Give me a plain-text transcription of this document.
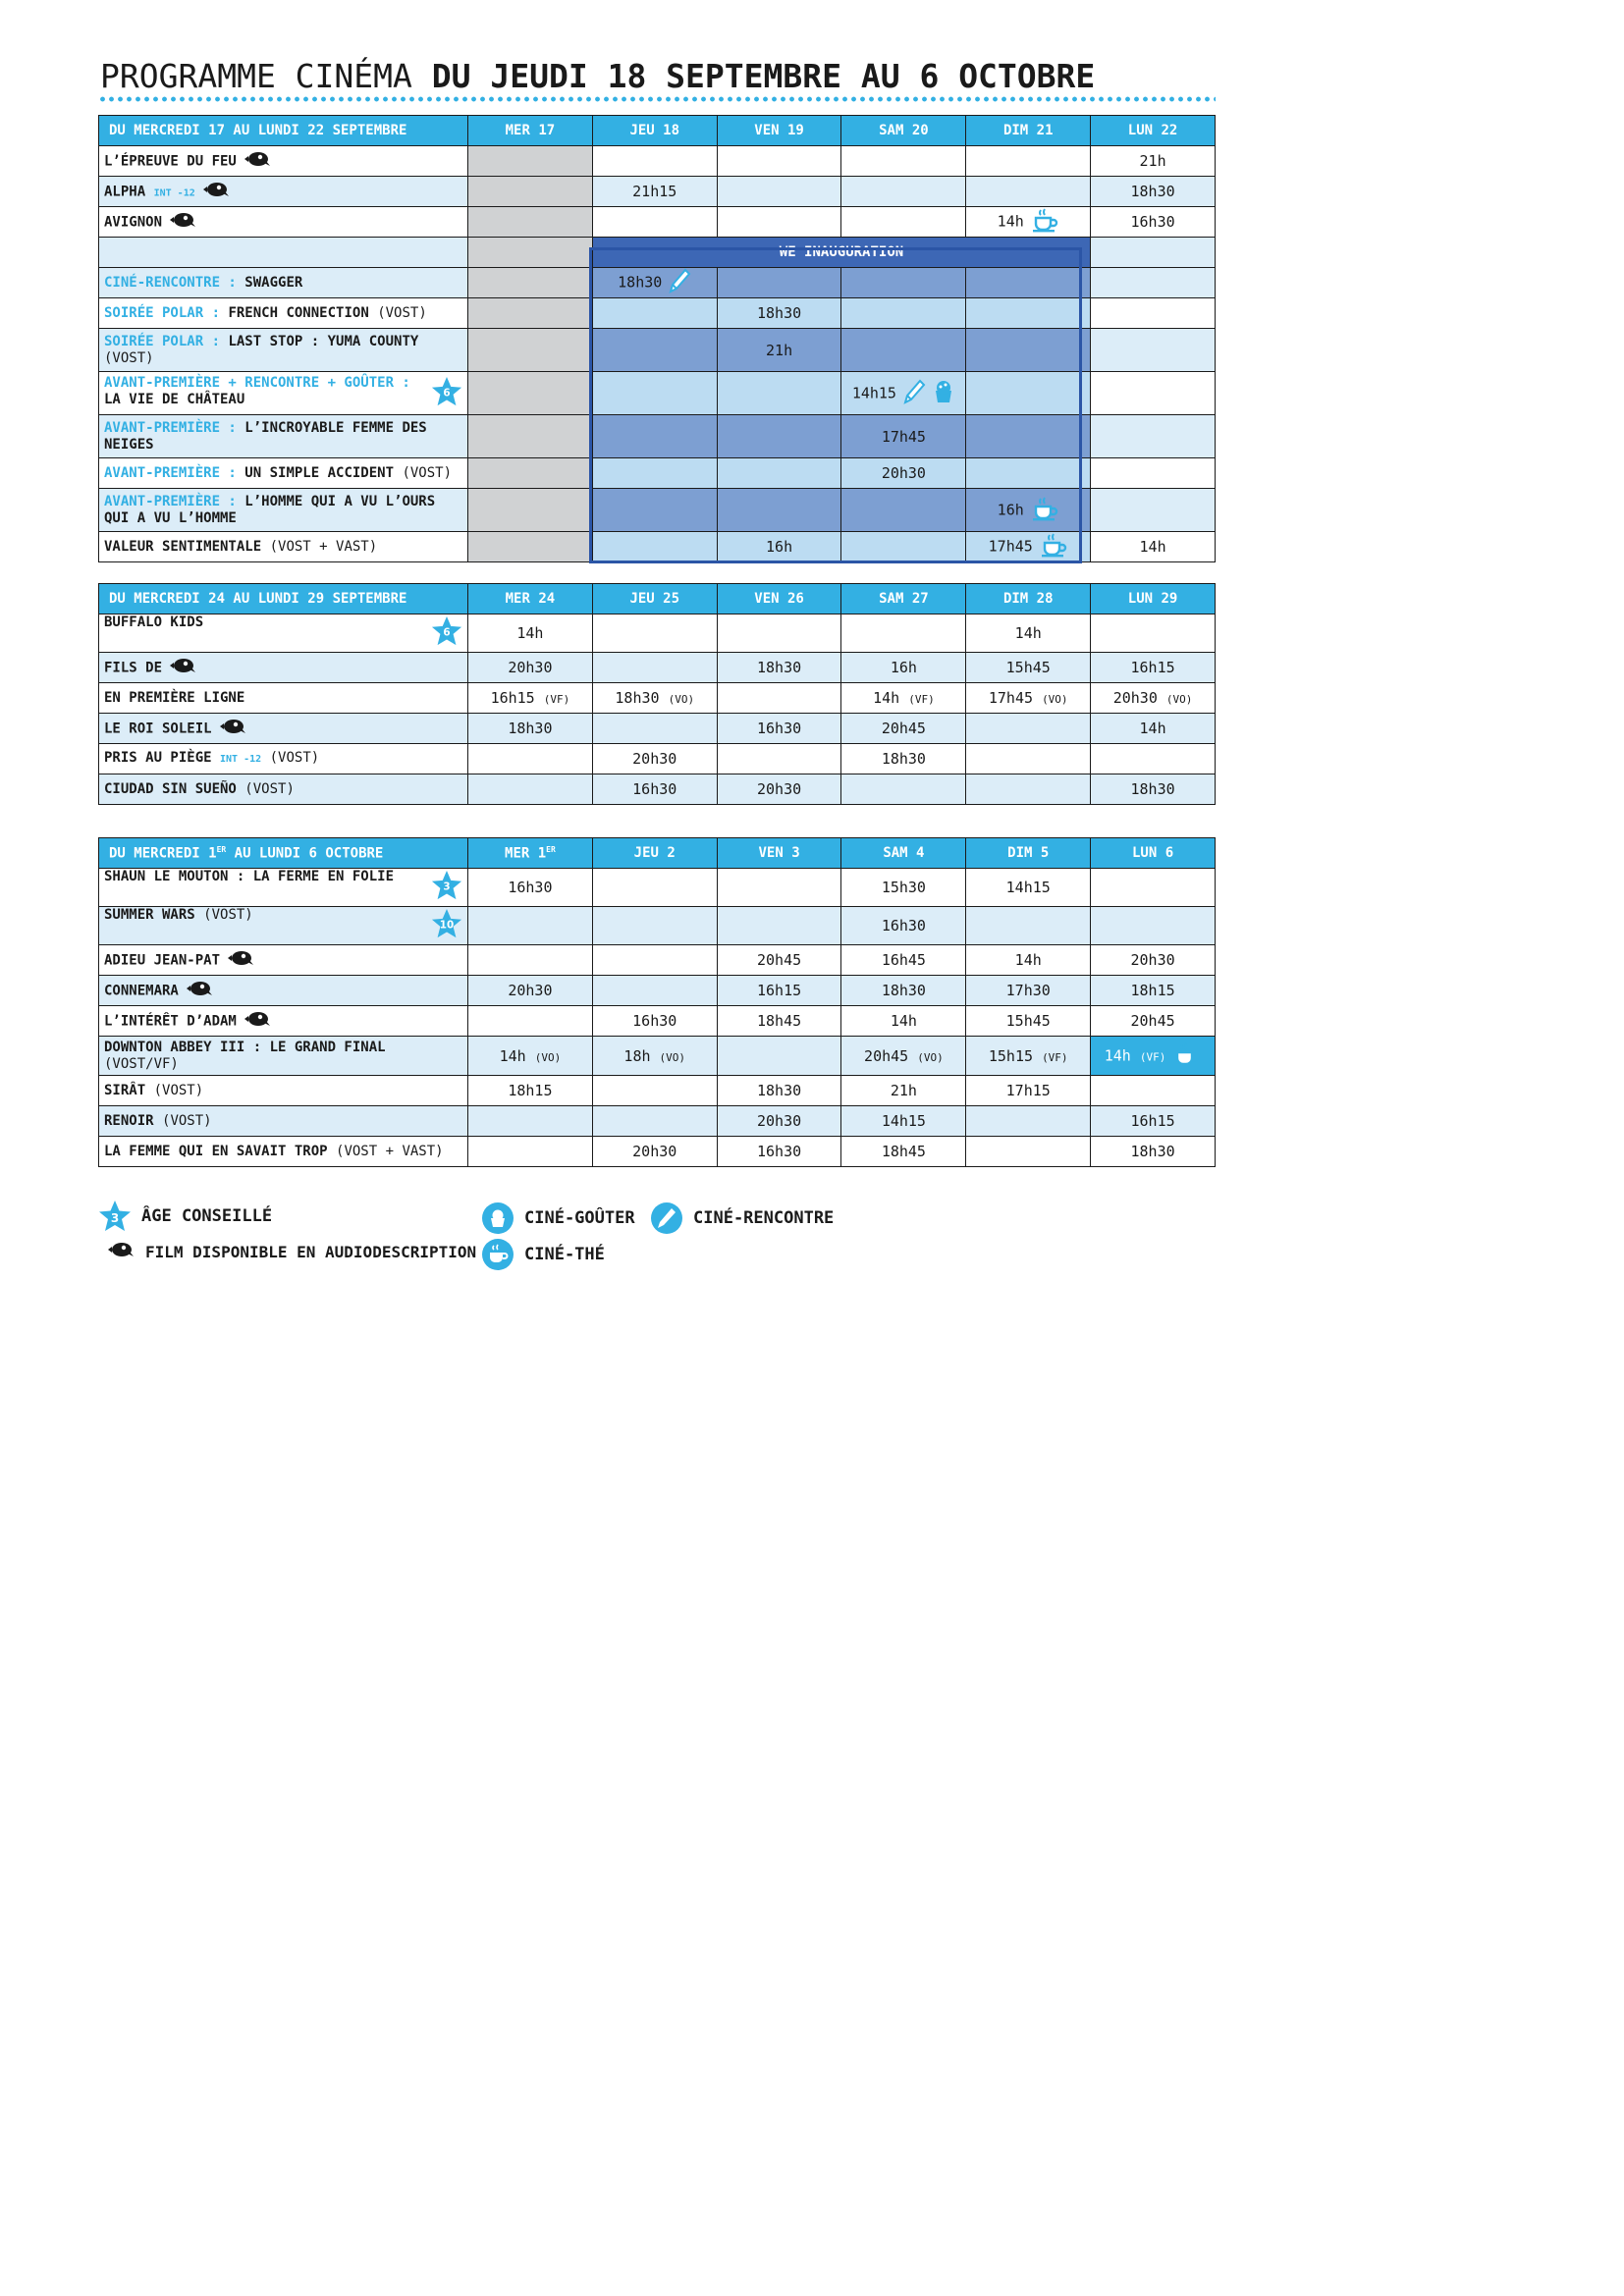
PROGRAMME CINÉMA DU JEUDI 18 SEPTEMBRE AU 6 OCTOBRE
DU MERCREDI 17 AU LUNDI 22 SEPTEMBRE	MER 17	JEU 18	VEN 19	SAM 20	DIM 21	LUN 22
L’ÉPREUVE DU FEU						21h
ALPHA INT -12		21h15				18h30
AVIGNON					14h	16h30
		WE INAUGURATION				
CINÉ-RENCONTRE : SWAGGER		18h30				
SOIRÉE POLAR : FRENCH CONNECTION (VOST)			18h30			
SOIRÉE POLAR : LAST STOP : YUMA COUNTY (VOST)			21h			

6
AVANT-PREMIÈRE + RENCONTRE + GOÛTER : LA VIE DE CHÂTEAU				14h15		
AVANT-PREMIÈRE : L’INCROYABLE FEMME DES NEIGES				17h45		
AVANT-PREMIÈRE : UN SIMPLE ACCIDENT (VOST)				20h30		
AVANT-PREMIÈRE : L’HOMME QUI A VU L’OURS QUI A VU L’HOMME					16h	
VALEUR SENTIMENTALE (VOST + VAST)			16h		17h45	14h
DU MERCREDI 24 AU LUNDI 29 SEPTEMBRE	MER 24	JEU 25	VEN 26	SAM 27	DIM 28	LUN 29

6
BUFFALO KIDS	14h				14h	
FILS DE	20h30		18h30	16h	15h45	16h15
EN PREMIÈRE LIGNE	16h15 (VF)	18h30 (VO)		14h (VF)	17h45 (VO)	20h30 (VO)
LE ROI SOLEIL	18h30		16h30	20h45		14h
PRIS AU PIÈGE INT -12 (VOST)		20h30		18h30		
CIUDAD SIN SUEÑO (VOST)		16h30	20h30			18h30
DU MERCREDI 1ER AU LUNDI 6 OCTOBRE	MER 1ER	JEU 2	VEN 3	SAM 4	DIM 5	LUN 6

3
SHAUN LE MOUTON : LA FERME EN FOLIE	16h30			15h30	14h15	

10
SUMMER WARS (VOST)				16h30		
ADIEU JEAN-PAT			20h45	16h45	14h	20h30
CONNEMARA	20h30		16h15	18h30	17h30	18h15
L’INTÉRÊT D’ADAM		16h30	18h45	14h	15h45	20h45
DOWNTON ABBEY III : LE GRAND FINAL (VOST/VF)	14h (VO)	18h (VO)		20h45 (VO)	15h15 (VF)	14h (VF)
SIRÂT (VOST)	18h15		18h30	21h	17h15	
RENOIR (VOST)			20h30	14h15		16h15
LA FEMME QUI EN SAVAIT TROP (VOST + VAST)		20h30	16h30	18h45		18h30
3 ÂGE CONSEILLÉ
FILM DISPONIBLE EN AUDIODESCRIPTION
CINÉ-GOÛTER
CINÉ-THÉ
CINÉ-RENCONTRE
